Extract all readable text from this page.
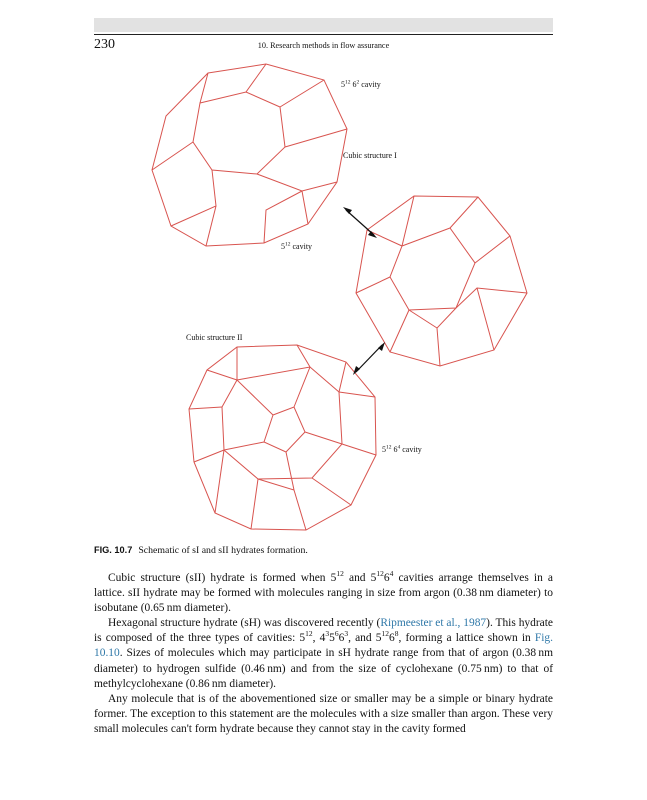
230	10. Research methods in flow assurance
$5^{12}$ $6^2$ cavity
Cubic structure I
$5^{12}$ cavity
Cubic structure II
$5^{12}$ $6^4$ cavity
FIG. 10.7 Schematic of sI and sII hydrates formation.

Cubic structure (sII) hydrate is formed when $5^{12}$ and $5^{12}6^4$ cavities arrange themselves in a lattice. sII hydrate may be formed with molecules ranging in size from argon (0.38 nm diameter) to isobutane (0.65 nm diameter).

Hexagonal structure hydrate (sH) was discovered recently (Ripmeester et al., 1987). This hydrate is composed of the three types of cavities: $5^{12}$, $4^35^66^3$, and $5^{12}6^8$, forming a lattice shown in Fig. 10.10. Sizes of molecules which may participate in sH hydrate range from that of argon (0.38 nm diameter) to hydrogen sulfide (0.46 nm) and from the size of cyclohexane (0.75 nm) to that of methylcyclohexane (0.86 nm diameter).

Any molecule that is of the abovementioned size or smaller may be a simple or binary hydrate former. The exception to this statement are the molecules with a size smaller than argon. These very small molecules can't form hydrate because they cannot stay in the cavity formed
